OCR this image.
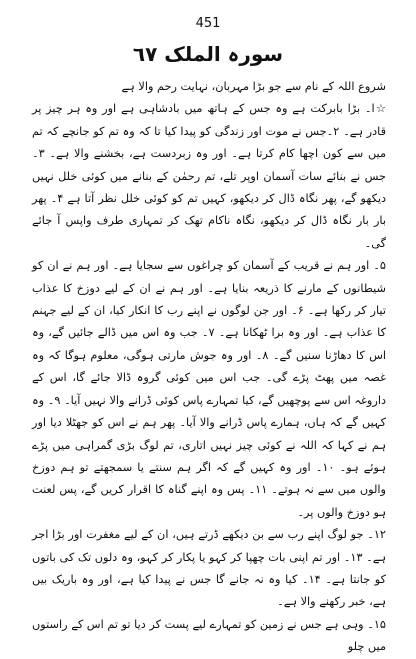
451
سورہ الملک ٦٧

شروع اللہ کے نام سے جو بڑا مہربان، نہایت رحم والا ہے

☆ا۔ بڑا بابرکت ہے وہ جس کے ہاتھ میں بادشاہی ہے اور وہ ہر چیز پر قادر ہے۔ ۲۔جس نے موت اور زندگی کو پیدا کیا تا کہ وہ تم کو جانچے کہ تم میں سے کون اچھا کام کرتا ہے۔ اور وہ زبردست ہے، بخشنے والا ہے۔ ۳۔جس نے بنائے سات آسمان اوپر تلے، تم رحمٰن کے بنانے میں کوئی خلل نہیں دیکھو گے، پھر نگاہ ڈال کر دیکھو، کہیں تم کو کوئی خلل نظر آتا ہے ۴۔ پھر بار بار نگاہ ڈال کر دیکھو، نگاہ ناکام تھک کر تمہاری طرف واپس آ جائے گی۔

۵۔ اور ہم نے قریب کے آسمان کو چراغوں سے سجایا ہے۔ اور ہم نے ان کو شیطانوں کے مارنے کا ذریعہ بنایا ہے۔ اور ہم نے ان کے لیے دوزخ کا عذاب تیار کر رکھا ہے۔ ۶۔ اور جن لوگوں نے اپنے رب کا انکار کیا، ان کے لیے جہنم کا عذاب ہے۔ اور وہ برا ٹھکانا ہے۔ ۷۔ جب وہ اس میں ڈالے جائیں گے، وہ اس کا دھاڑنا سنیں گے۔ ۸۔ اور وہ جوش مارتی ہوگی، معلوم ہوگا کہ وہ غصہ میں پھٹ پڑے گی۔ جب اس میں کوئی گروہ ڈالا جائے گا، اس کے داروغہ اس سے پوچھیں گے، کیا تمہارے پاس کوئی ڈرانے والا نہیں آیا۔ ۹۔ وہ کہیں گے کہ ہاں، ہمارے پاس ڈرانے والا آیا۔ پھر ہم نے اس کو جھٹلا دیا اور ہم نے کہا کہ اللہ نے کوئی چیز نہیں اتاری، تم لوگ بڑی گمراہی میں پڑے ہوئے ہو۔ ۱۰۔ اور وہ کہیں گے کہ اگر ہم سنتے یا سمجھتے تو ہم دوزخ والوں میں سے نہ ہوتے۔ ۱۱۔ پس وہ اپنے گناہ کا اقرار کریں گے، پس لعنت ہو دوزخ والوں پر۔

۱۲۔ جو لوگ اپنے رب سے بن دیکھے ڈرتے ہیں، ان کے لیے مغفرت اور بڑا اجر ہے۔ ۱۳۔ اور تم اپنی بات چھپا کر کہو یا پکار کر کہو، وہ دلوں تک کی باتوں کو جانتا ہے۔ ۱۴۔ کیا وہ نہ جانے گا جس نے پیدا کیا ہے، اور وہ باریک بیں ہے، خبر رکھنے والا ہے۔

۱۵۔ وہی ہے جس نے زمین کو تمہارے لیے پست کر دیا تو تم اس کے راستوں میں چلو
